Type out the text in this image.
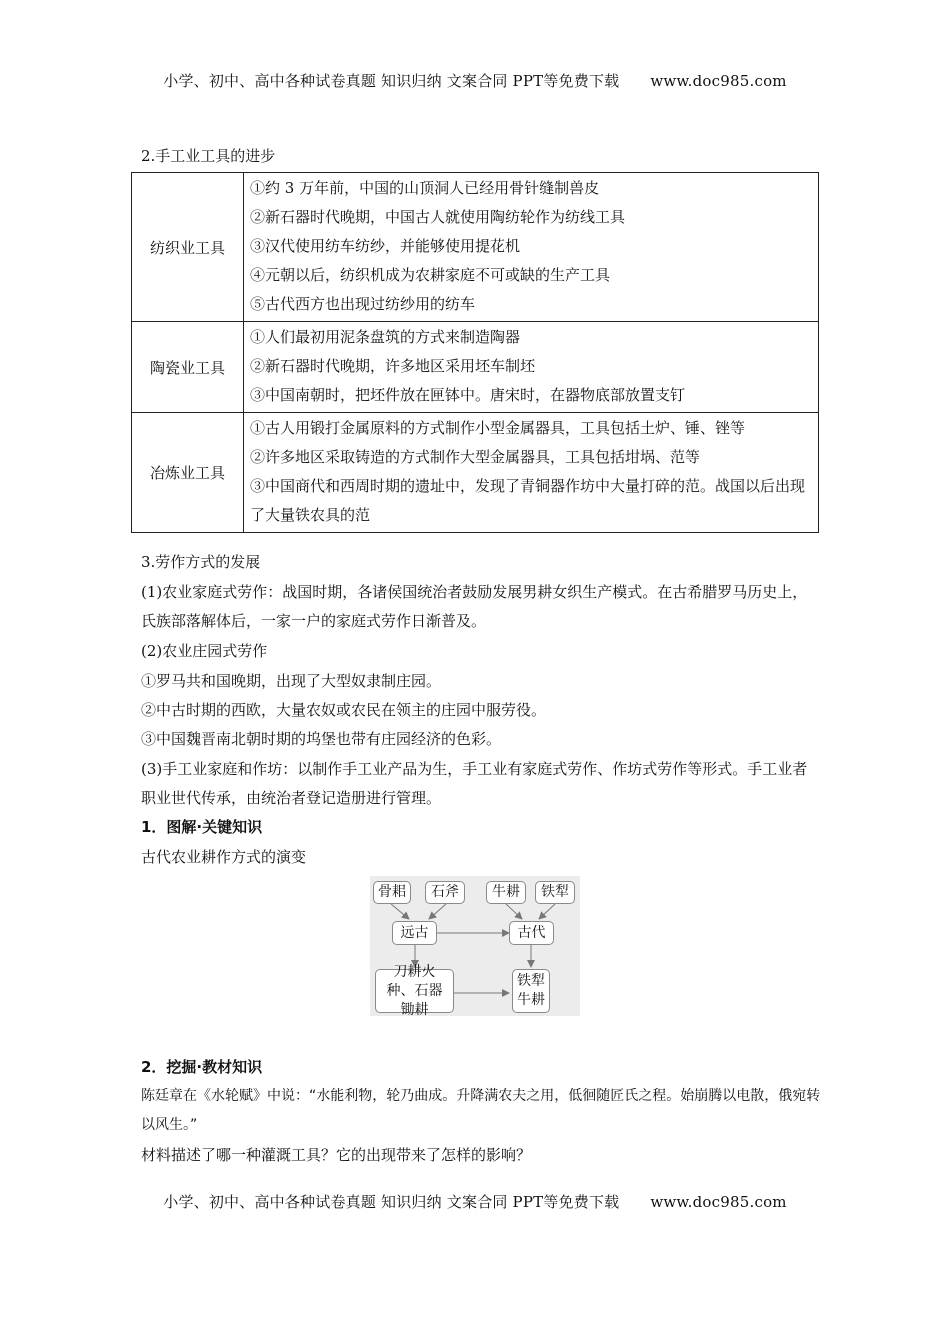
小学、初中、高中各种试卷真题 知识归纳 文案合同 PPT等免费下载 www.doc985.com
2.手工业工具的进步
纺织业工具	①约 3 万年前，中国的山顶洞人已经用骨针缝制兽皮
②新石器时代晚期，中国古人就使用陶纺轮作为纺线工具
③汉代使用纺车纺纱，并能够使用提花机
④元朝以后，纺织机成为农耕家庭不可或缺的生产工具
⑤古代西方也出现过纺纱用的纺车

陶瓷业工具	①人们最初用泥条盘筑的方式来制造陶器
②新石器时代晚期，许多地区采用坯车制坯
③中国南朝时，把坯件放在匣钵中。唐宋时，在器物底部放置支钉

冶炼业工具	①古人用锻打金属原料的方式制作小型金属器具，工具包括土炉、锤、锉等
②许多地区采取铸造的方式制作大型金属器具，工具包括坩埚、范等
③中国商代和西周时期的遗址中，发现了青铜器作坊中大量打碎的范。战国以后出现了大量铁农具的范

3.劳作方式的发展

(1)农业家庭式劳作：战国时期，各诸侯国统治者鼓励发展男耕女织生产模式。在古希腊罗马历史上，氏族部落解体后，一家一户的家庭式劳作日渐普及。

(2)农业庄园式劳作

①罗马共和国晚期，出现了大型奴隶制庄园。

②中古时期的西欧，大量农奴或农民在领主的庄园中服劳役。

③中国魏晋南北朝时期的坞堡也带有庄园经济的色彩。

(3)手工业家庭和作坊：以制作手工业产品为生，手工业有家庭式劳作、作坊式劳作等形式。手工业者职业世代传承，由统治者登记造册进行管理。

1．图解·关键知识

古代农业耕作方式的演变

骨耜	石斧	牛耕	铁犁
远古	古代
刀耕火种、石器锄耕
铁犁牛耕

2．挖掘·教材知识

陈廷章在《水轮赋》中说：“水能利物，轮乃曲成。升降满农夫之用，低徊随匠氏之程。始崩腾以电散，俄宛转以风生。”

材料描述了哪一种灌溉工具？它的出现带来了怎样的影响？

小学、初中、高中各种试卷真题 知识归纳 文案合同 PPT等免费下载 www.doc985.com
